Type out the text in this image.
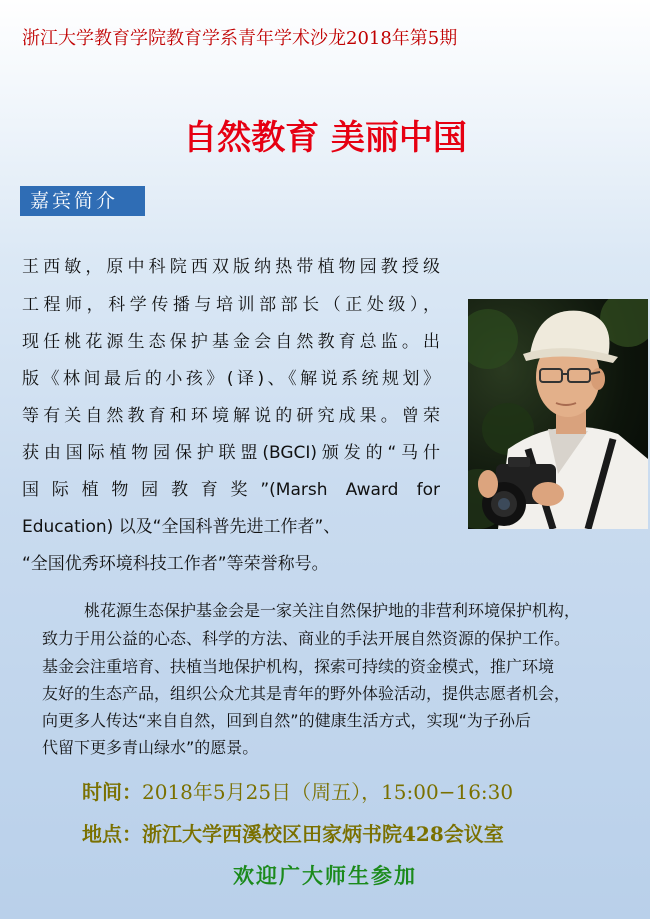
浙江大学教育学院教育学系青年学术沙龙2018年第5期
自然教育 美丽中国
嘉宾简介
王西敏，原中科院西双版纳热带植物园教授级
工程师，科学传播与培训部部长（正处级），
现任桃花源生态保护基金会自然教育总监。出
版《林间最后的小孩》(译)、《解说系统规划》
等有关自然教育和环境解说的研究成果。曾荣
获由国际植物园保护联盟(BGCI)颁发的“马什
国际植物园教育奖”(Marsh Award for
Education) 以及“全国科普先进工作者”、
“全国优秀环境科技工作者”等荣誉称号。
桃花源生态保护基金会是一家关注自然保护地的非营利环境保护机构，
致力于用公益的心态、科学的方法、商业的手法开展自然资源的保护工作。
基金会注重培育、扶植当地保护机构，探索可持续的资金模式，推广环境
友好的生态产品，组织公众尤其是青年的野外体验活动，提供志愿者机会，
向更多人传达“来自自然，回到自然”的健康生活方式，实现“为子孙后
代留下更多青山绿水”的愿景。
时间：2018年5月25日（周五），15:00−16:30
地点：浙江大学西溪校区田家炳书院428会议室
欢迎广大师生参加
